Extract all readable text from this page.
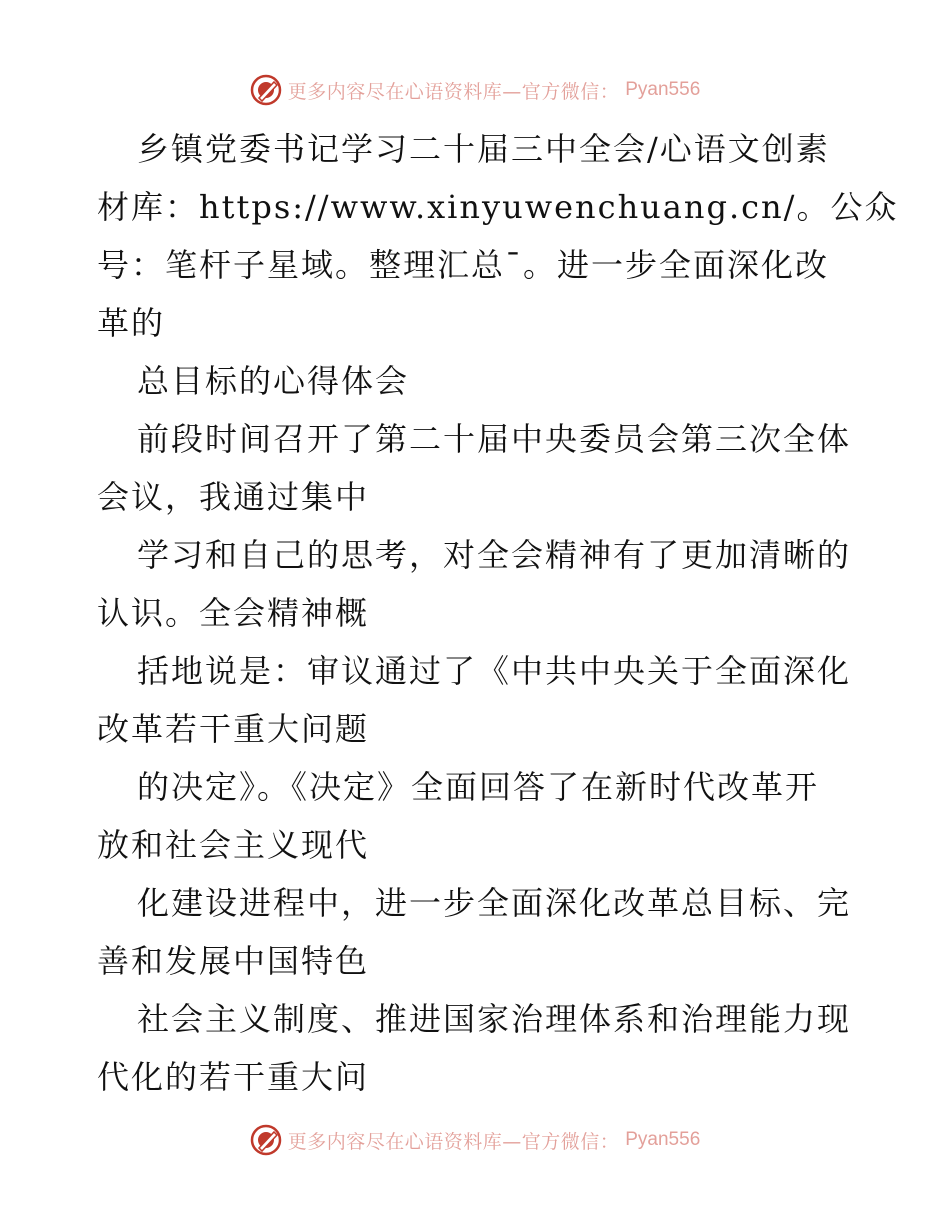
更多内容尽在心语资料库—官方微信： Pyan556
乡镇党委书记学习二十届三中全会/心语文创素
材库：https://www.xinyuwenchuang.cn/。公众
号：笔杆子星域。整理汇总¯。进一步全面深化改
革的
总目标的心得体会
前段时间召开了第二十届中央委员会第三次全体
会议，我通过集中
学习和自己的思考，对全会精神有了更加清晰的
认识。全会精神概
括地说是：审议通过了《中共中央关于全面深化
改革若干重大问题
的决定》。《决定》全面回答了在新时代改革开
放和社会主义现代
化建设进程中，进一步全面深化改革总目标、完
善和发展中国特色
社会主义制度、推进国家治理体系和治理能力现
代化的若干重大问
更多内容尽在心语资料库—官方微信： Pyan556
